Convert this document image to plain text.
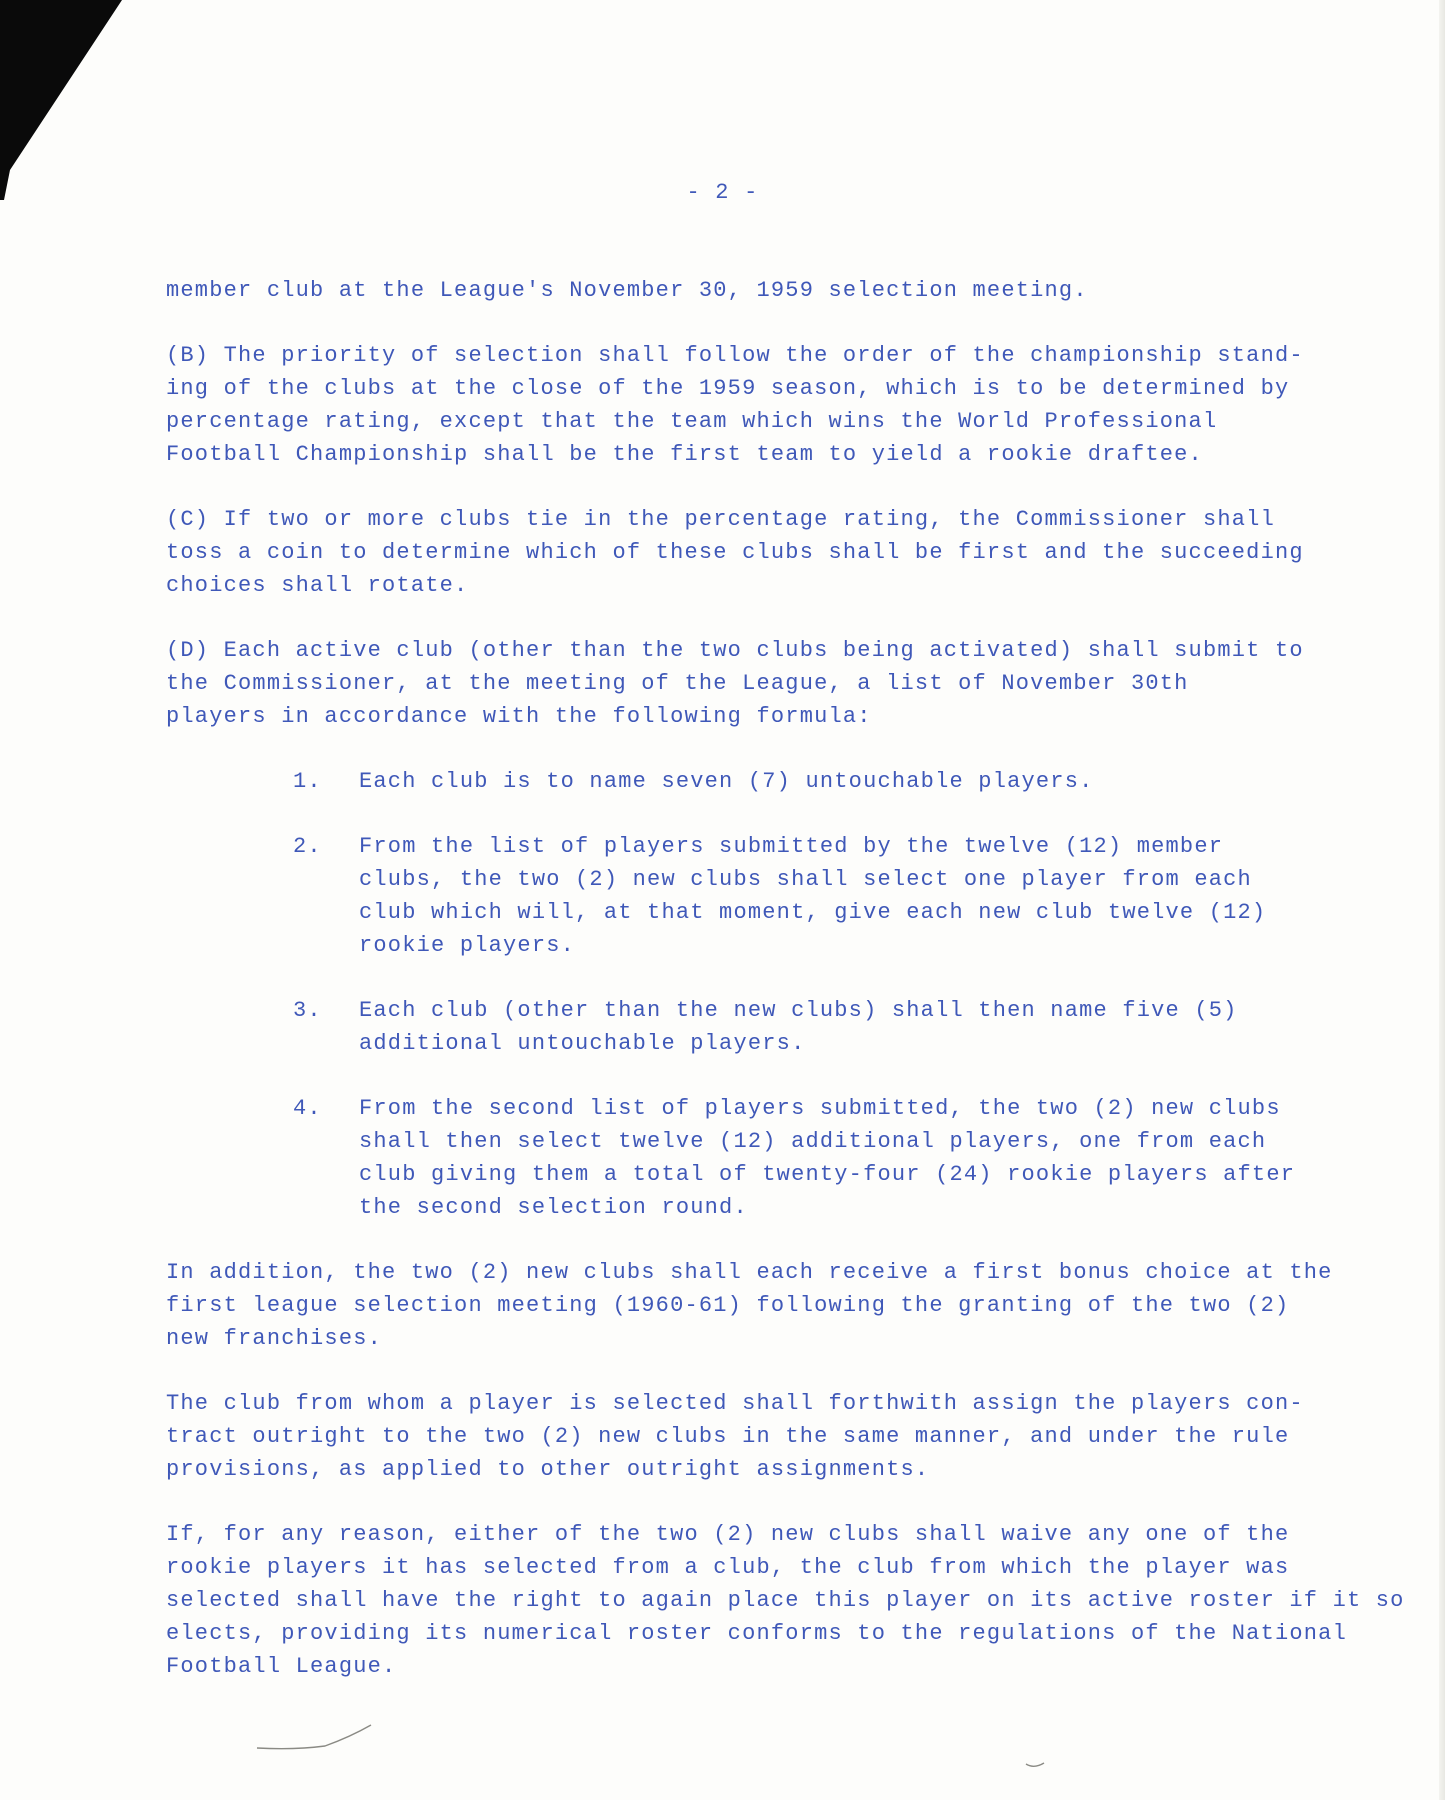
- 2 -

member club at the League's November 30, 1959 selection meeting.

(B) The priority of selection shall follow the order of the championship stand-
ing of the clubs at the close of the 1959 season, which is to be determined by
percentage rating, except that the team which wins the World Professional
Football Championship shall be the first team to yield a rookie draftee.

(C) If two or more clubs tie in the percentage rating, the Commissioner shall
toss a coin to determine which of these clubs shall be first and the succeeding
choices shall rotate.

(D) Each active club (other than the two clubs being activated) shall submit to
the Commissioner, at the meeting of the League, a list of November 30th
players in accordance with the following formula:

1.	Each club is to name seven (7) untouchable players.
2.	From the list of players submitted by the twelve (12) member
clubs, the two (2) new clubs shall select one player from each
club which will, at that moment, give each new club twelve (12)
rookie players.
3.	Each club (other than the new clubs) shall then name five (5)
additional untouchable players.
4.	From the second list of players submitted, the two (2) new clubs
shall then select twelve (12) additional players, one from each
club giving them a total of twenty-four (24) rookie players after
the second selection round.

In addition, the two (2) new clubs shall each receive a first bonus choice at the
first league selection meeting (1960-61) following the granting of the two (2)
new franchises.

The club from whom a player is selected shall forthwith assign the players con-
tract outright to the two (2) new clubs in the same manner, and under the rule
provisions, as applied to other outright assignments.

If, for any reason, either of the two (2) new clubs shall waive any one of the
rookie players it has selected from a club, the club from which the player was
selected shall have the right to again place this player on its active roster if it so
elects, providing its numerical roster conforms to the regulations of the National
Football League.
